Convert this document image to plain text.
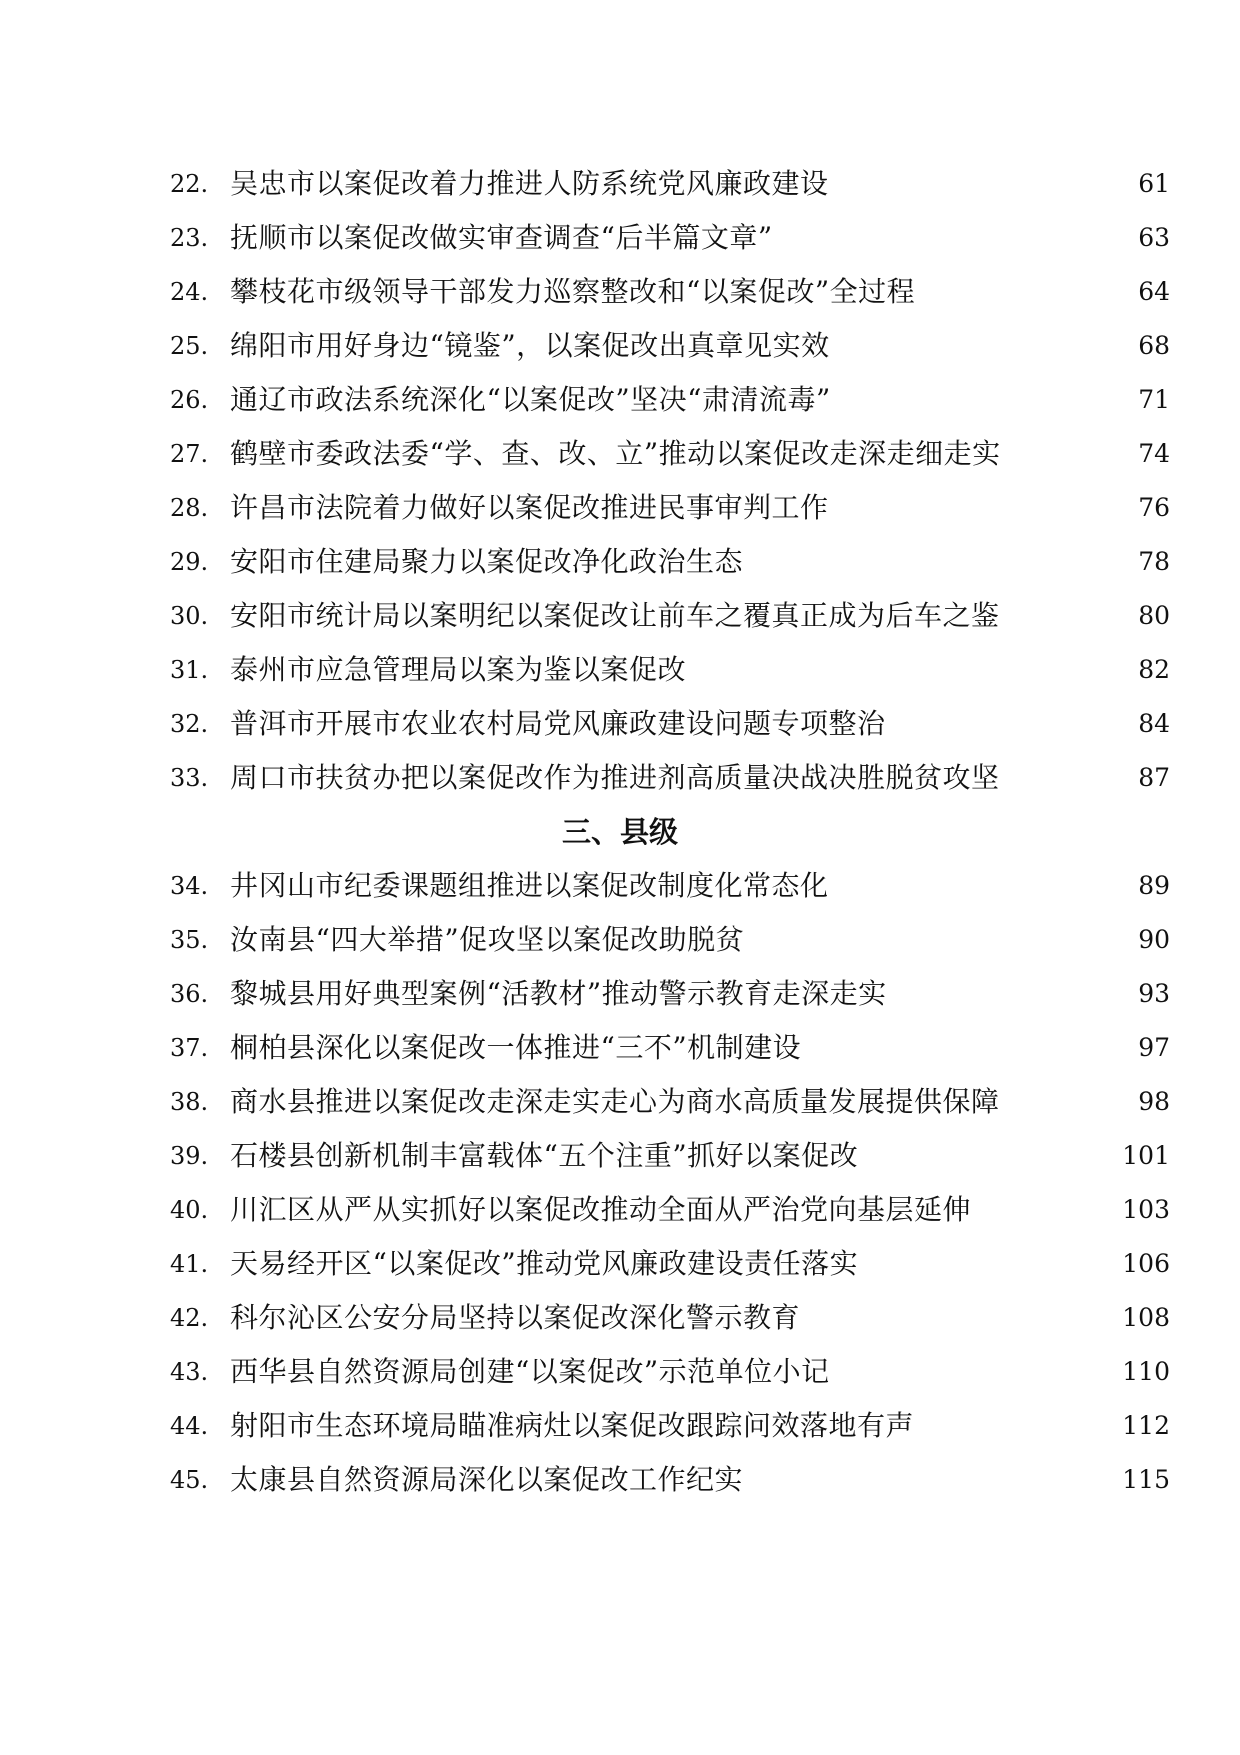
22. 吴忠市以案促改着力推进人防系统党风廉政建设	61
23. 抚顺市以案促改做实审查调查“后半篇文章”	63
24. 攀枝花市级领导干部发力巡察整改和“以案促改”全过程	64
25. 绵阳市用好身边“镜鉴”，以案促改出真章见实效	68
26. 通辽市政法系统深化“以案促改”坚决“肃清流毒”	71
27. 鹤壁市委政法委“学、查、改、立”推动以案促改走深走细走实	74
28. 许昌市法院着力做好以案促改推进民事审判工作	76
29. 安阳市住建局聚力以案促改净化政治生态	78
30. 安阳市统计局以案明纪以案促改让前车之覆真正成为后车之鉴	80
31. 泰州市应急管理局以案为鉴以案促改	82
32. 普洱市开展市农业农村局党风廉政建设问题专项整治	84
33. 周口市扶贫办把以案促改作为推进剂高质量决战决胜脱贫攻坚	87
三、县级
34. 井冈山市纪委课题组推进以案促改制度化常态化	89
35. 汝南县“四大举措”促攻坚以案促改助脱贫	90
36. 黎城县用好典型案例“活教材”推动警示教育走深走实	93
37. 桐柏县深化以案促改一体推进“三不”机制建设	97
38. 商水县推进以案促改走深走实走心为商水高质量发展提供保障	98
39. 石楼县创新机制丰富载体“五个注重”抓好以案促改	101
40. 川汇区从严从实抓好以案促改推动全面从严治党向基层延伸	103
41. 天易经开区“以案促改”推动党风廉政建设责任落实	106
42. 科尔沁区公安分局坚持以案促改深化警示教育	108
43. 西华县自然资源局创建“以案促改”示范单位小记	110
44. 射阳市生态环境局瞄准病灶以案促改跟踪问效落地有声	112
45. 太康县自然资源局深化以案促改工作纪实	115
